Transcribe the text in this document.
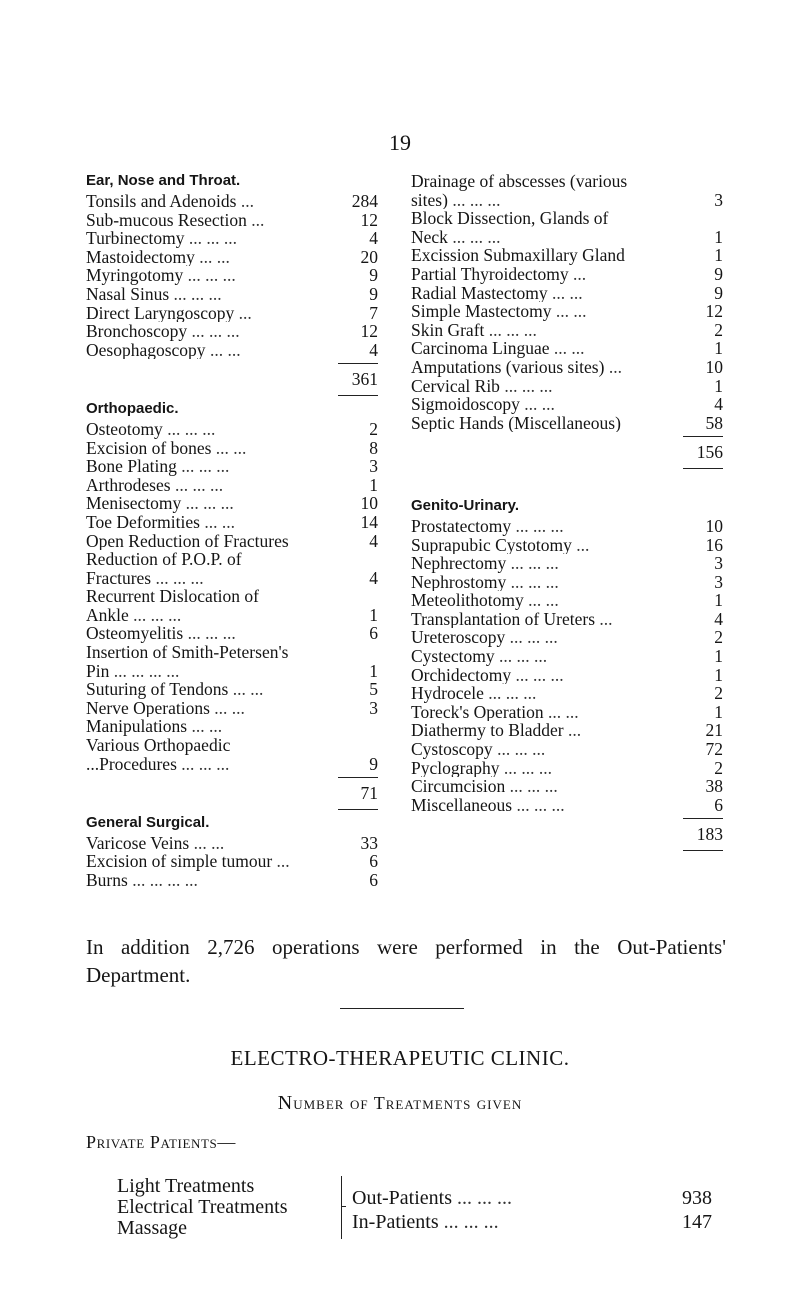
19
Ear, Nose and Throat.
Tonsils and Adenoids ...	284
Sub-mucous Resection ...	12
Turbinectomy ... ... ...	4
Mastoidectomy ... ...	20
Myringotomy ... ... ...	9
Nasal Sinus ... ... ...	9
Direct Laryngoscopy ...	7
Bronchoscopy ... ... ...	12
Oesophagoscopy ... ...	4
361
Orthopaedic.
Osteotomy ... ... ...	2
Excision of bones ... ...	8
Bone Plating ... ... ...	3
Arthrodeses ... ... ...	1
Menisectomy ... ... ...	10
Toe Deformities ... ...	14
Open Reduction of Fractures	4
Reduction of P.O.P. of
Fractures ... ... ...	4
Recurrent Dislocation of
Ankle ... ... ...	1
Osteomyelitis ... ... ...	6
Insertion of Smith-Petersen's
Pin ... ... ... ...	1
Suturing of Tendons ... ...	5
Nerve Operations ... ...	3
Manipulations ... ...
Various Orthopaedic
...Procedures ... ... ...	9
71
General Surgical.
Varicose Veins ... ...	33
Excision of simple tumour ...	6
Burns ... ... ... ...	6
Drainage of abscesses (various
sites) ... ... ...	3
Block Dissection, Glands of
Neck ... ... ...	1
Excission Submaxillary Gland	1
Partial Thyroidectomy ...	9
Radial Mastectomy ... ...	9
Simple Mastectomy ... ...	12
Skin Graft ... ... ...	2
Carcinoma Linguae ... ...	1
Amputations (various sites) ...	10
Cervical Rib ... ... ...	1
Sigmoidoscopy ... ...	4
Septic Hands (Miscellaneous)	58
156
Genito-Urinary.
Prostatectomy ... ... ...	10
Suprapubic Cystotomy ...	16
Nephrectomy ... ... ...	3
Nephrostomy ... ... ...	3
Meteolithotomy ... ...	1
Transplantation of Ureters ...	4
Ureteroscopy ... ... ...	2
Cystectomy ... ... ...	1
Orchidectomy ... ... ...	1
Hydrocele ... ... ...	2
Toreck's Operation ... ...	1
Diathermy to Bladder ...	21
Cystoscopy ... ... ...	72
Pyclography ... ... ...	2
Circumcision ... ... ...	38
Miscellaneous ... ... ...	6
183
In addition 2,726 operations were performed in the Out-Patients' Department.
ELECTRO-THERAPEUTIC CLINIC.
Number of Treatments given
Private Patients—
Light Treatments
Electrical Treatments
Massage
Out-Patients ... ... ...	938
In-Patients ... ... ...	147
